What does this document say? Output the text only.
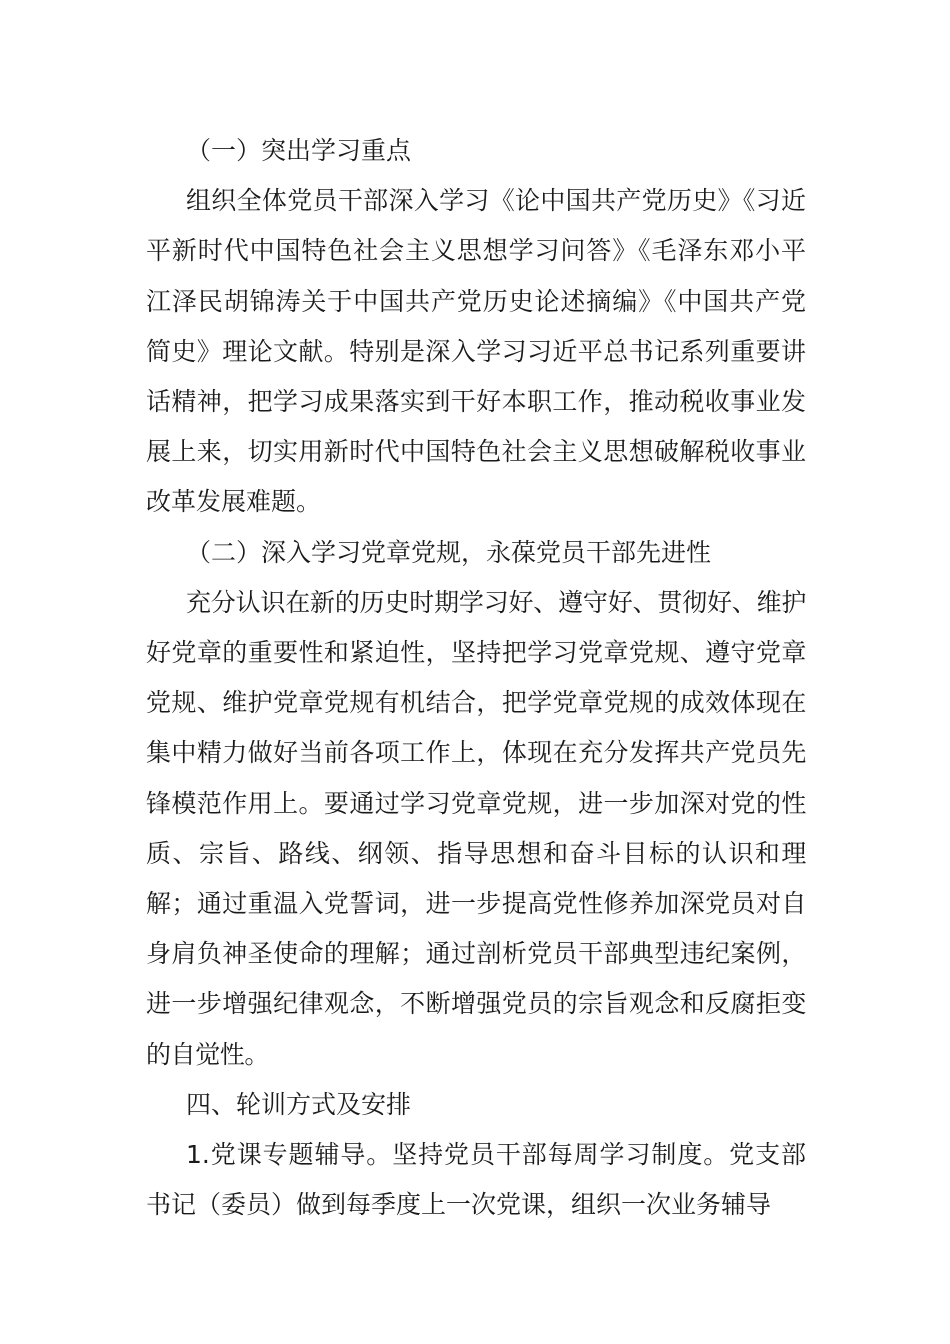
（一）突出学习重点

组织全体党员干部深入学习《论中国共产党历史》《习近平新时代中国特色社会主义思想学习问答》《毛泽东邓小平江泽民胡锦涛关于中国共产党历史论述摘编》《中国共产党简史》理论文献。特别是深入学习习近平总书记系列重要讲话精神，把学习成果落实到干好本职工作，推动税收事业发展上来，切实用新时代中国特色社会主义思想破解税收事业改革发展难题。

（二）深入学习党章党规，永葆党员干部先进性

充分认识在新的历史时期学习好、遵守好、贯彻好、维护好党章的重要性和紧迫性，坚持把学习党章党规、遵守党章党规、维护党章党规有机结合，把学党章党规的成效体现在集中精力做好当前各项工作上，体现在充分发挥共产党员先锋模范作用上。要通过学习党章党规，进一步加深对党的性质、宗旨、路线、纲领、指导思想和奋斗目标的认识和理解；通过重温入党誓词，进一步提高党性修养加深党员对自身肩负神圣使命的理解；通过剖析党员干部典型违纪案例，进一步增强纪律观念，不断增强党员的宗旨观念和反腐拒变的自觉性。

四、轮训方式及安排

1.党课专题辅导。坚持党员干部每周学习制度。党支部书记（委员）做到每季度上一次党课，组织一次业务辅导
